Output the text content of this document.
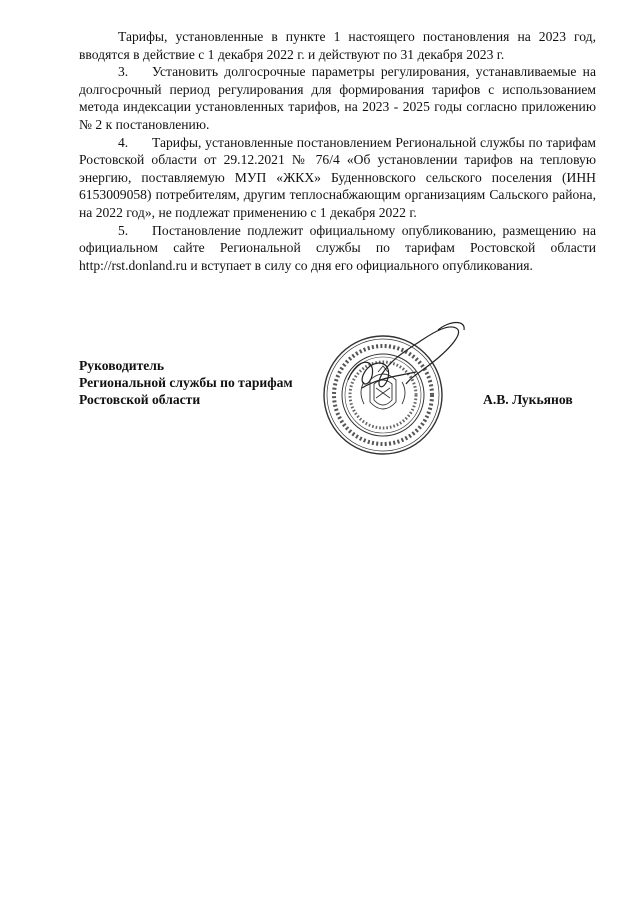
Тарифы, установленные в пункте 1 настоящего постановления на 2023 год, вводятся в действие с 1 декабря 2022 г. и действуют по 31 декабря 2023 г.

3. Установить долгосрочные параметры регулирования, устанавливаемые на долгосрочный период регулирования для формирования тарифов с использованием метода индексации установленных тарифов, на 2023 - 2025 годы согласно приложению № 2 к постановлению.

4. Тарифы, установленные постановлением Региональной службы по тарифам Ростовской области от 29.12.2021 № 76/4 «Об установлении тарифов на тепловую энергию, поставляемую МУП «ЖКХ» Буденновского сельского поселения (ИНН 6153009058) потребителям, другим теплоснабжающим организациям Сальского района, на 2022 год», не подлежат применению с 1 декабря 2022 г.

5. Постановление подлежит официальному опубликованию, размещению на официальном сайте Региональной службы по тарифам Ростовской области http://rst.donland.ru и вступает в силу со дня его официального опубликования.

Руководитель
Региональной службы по тарифам
Ростовской области	А.В. Лукьянов
